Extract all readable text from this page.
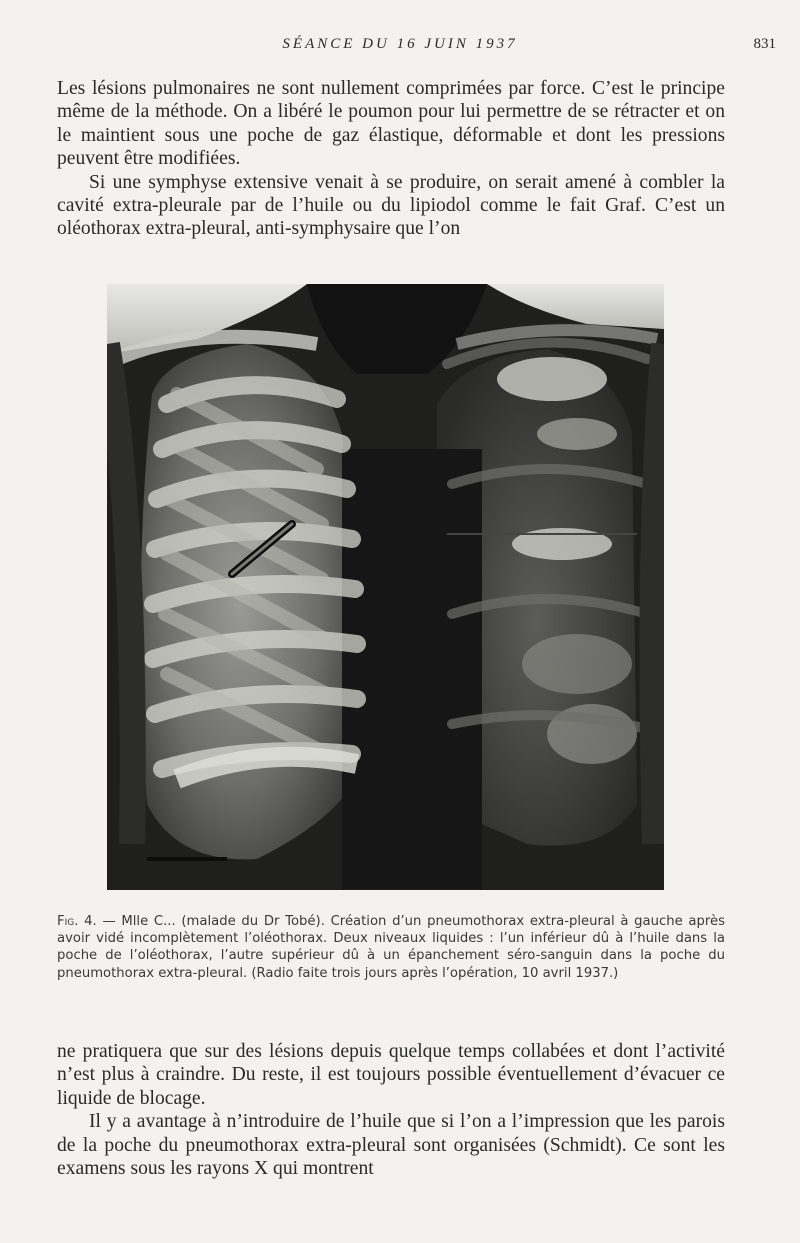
SÉANCE DU 16 JUIN 1937	831

Les lésions pulmonaires ne sont nullement comprimées par force. C’est le principe même de la méthode. On a libéré le poumon pour lui permettre de se rétracter et on le maintient sous une poche de gaz élastique, déformable et dont les pressions peuvent être modifiées.

Si une symphyse extensive venait à se produire, on serait amené à combler la cavité extra-pleurale par de l’huile ou du lipiodol comme le fait Graf. C’est un oléothorax extra-pleural, anti-symphysaire que l’on

Fig. 4. — Mlle C... (malade du Dr Tobé). Création d’un pneumothorax extra-pleural à gauche après avoir vidé incomplètement l’oléothorax. Deux niveaux liquides : l’un inférieur dû à l’huile dans la poche de l’oléothorax, l’autre supérieur dû à un épanchement séro-sanguin dans la poche du pneumothorax extra-pleural. (Radio faite trois jours après l’opération, 10 avril 1937.)

ne pratiquera que sur des lésions depuis quelque temps collabées et dont l’activité n’est plus à craindre. Du reste, il est toujours possible éventuellement d’évacuer ce liquide de blocage.

Il y a avantage à n’introduire de l’huile que si l’on a l’impression que les parois de la poche du pneumothorax extra-pleural sont organisées (Schmidt). Ce sont les examens sous les rayons X qui montrent
